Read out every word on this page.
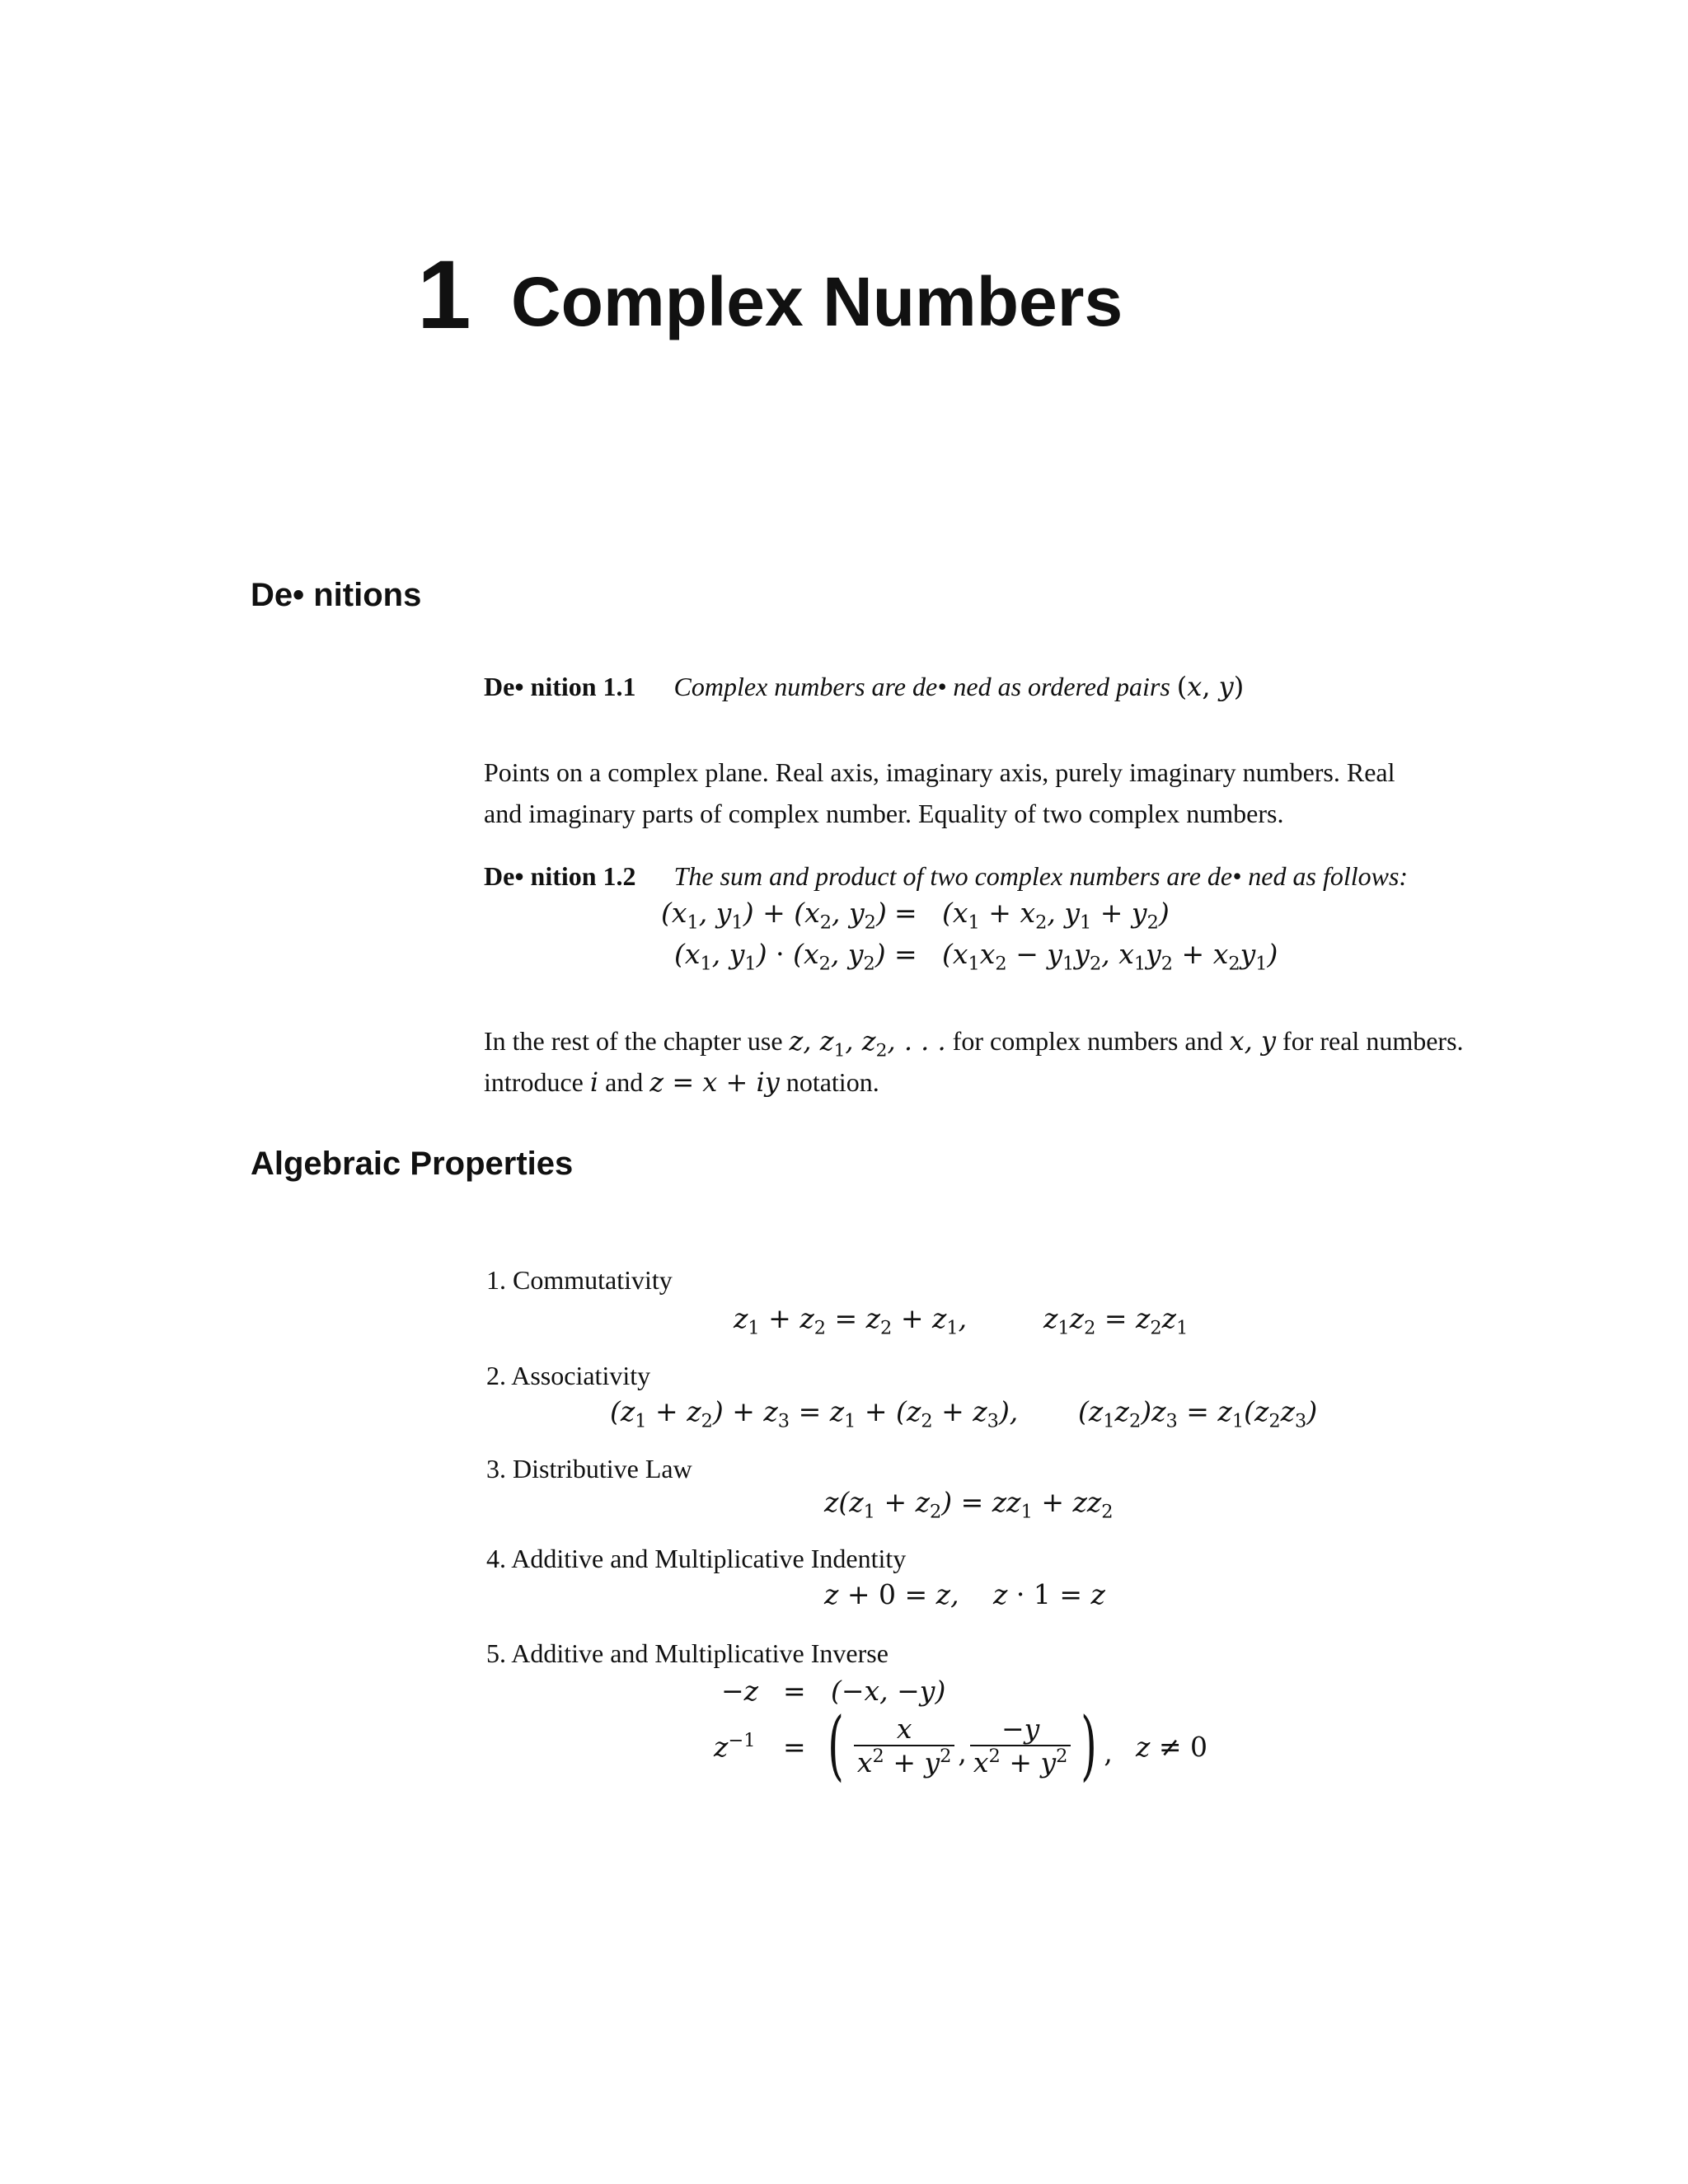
1 Complex Numbers
De• nitions
De• nition 1.1 Complex numbers are de• ned as ordered pairs (x, y)
Points on a complex plane. Real axis, imaginary axis, purely imaginary numbers. Real
and imaginary parts of complex number. Equality of two complex numbers.
De• nition 1.2 The sum and product of two complex numbers are de• ned as follows:
($x_1$, $y_1) + (x_2$, $y_2) = (x_1 + x_2$, $y_1 + y_2$)
($x_1$, $y_1) \cdot (x_2$, $y_2) = (x_1x_2 - y_1y_2$, $x_1y_2 + x_2y_1$)
In the rest of the chapter use z, $z_1$, $z_2$, . . . for complex numbers and x, y for real numbers.
introduce i and z = x + iy notation.
Algebraic Properties
1. Commutativity
$z_1 + z_2 = z_2 + z_1$,	$z_1z_2 = z_2z_1$
2. Associativity
$(z_1 + z_2) + z_3 = z_1 + (z_2 + z_3)$, $(z_1z_2)z_3 = z_1(z_2z_3)$
3. Distributive Law
$z(z_1 + z_2) = zz_1 + zz_2$
4. Additive and Multiplicative Indentity
z + 0 = z, z · 1 = z
5. Additive and Multiplicative Inverse
−z = (−x, −y)
$z^{-1}$ = ( $\frac{x}{x^2 + y^2}$ , $\frac{-y}{x^2 + y^2}$ ) , z ≠ 0
